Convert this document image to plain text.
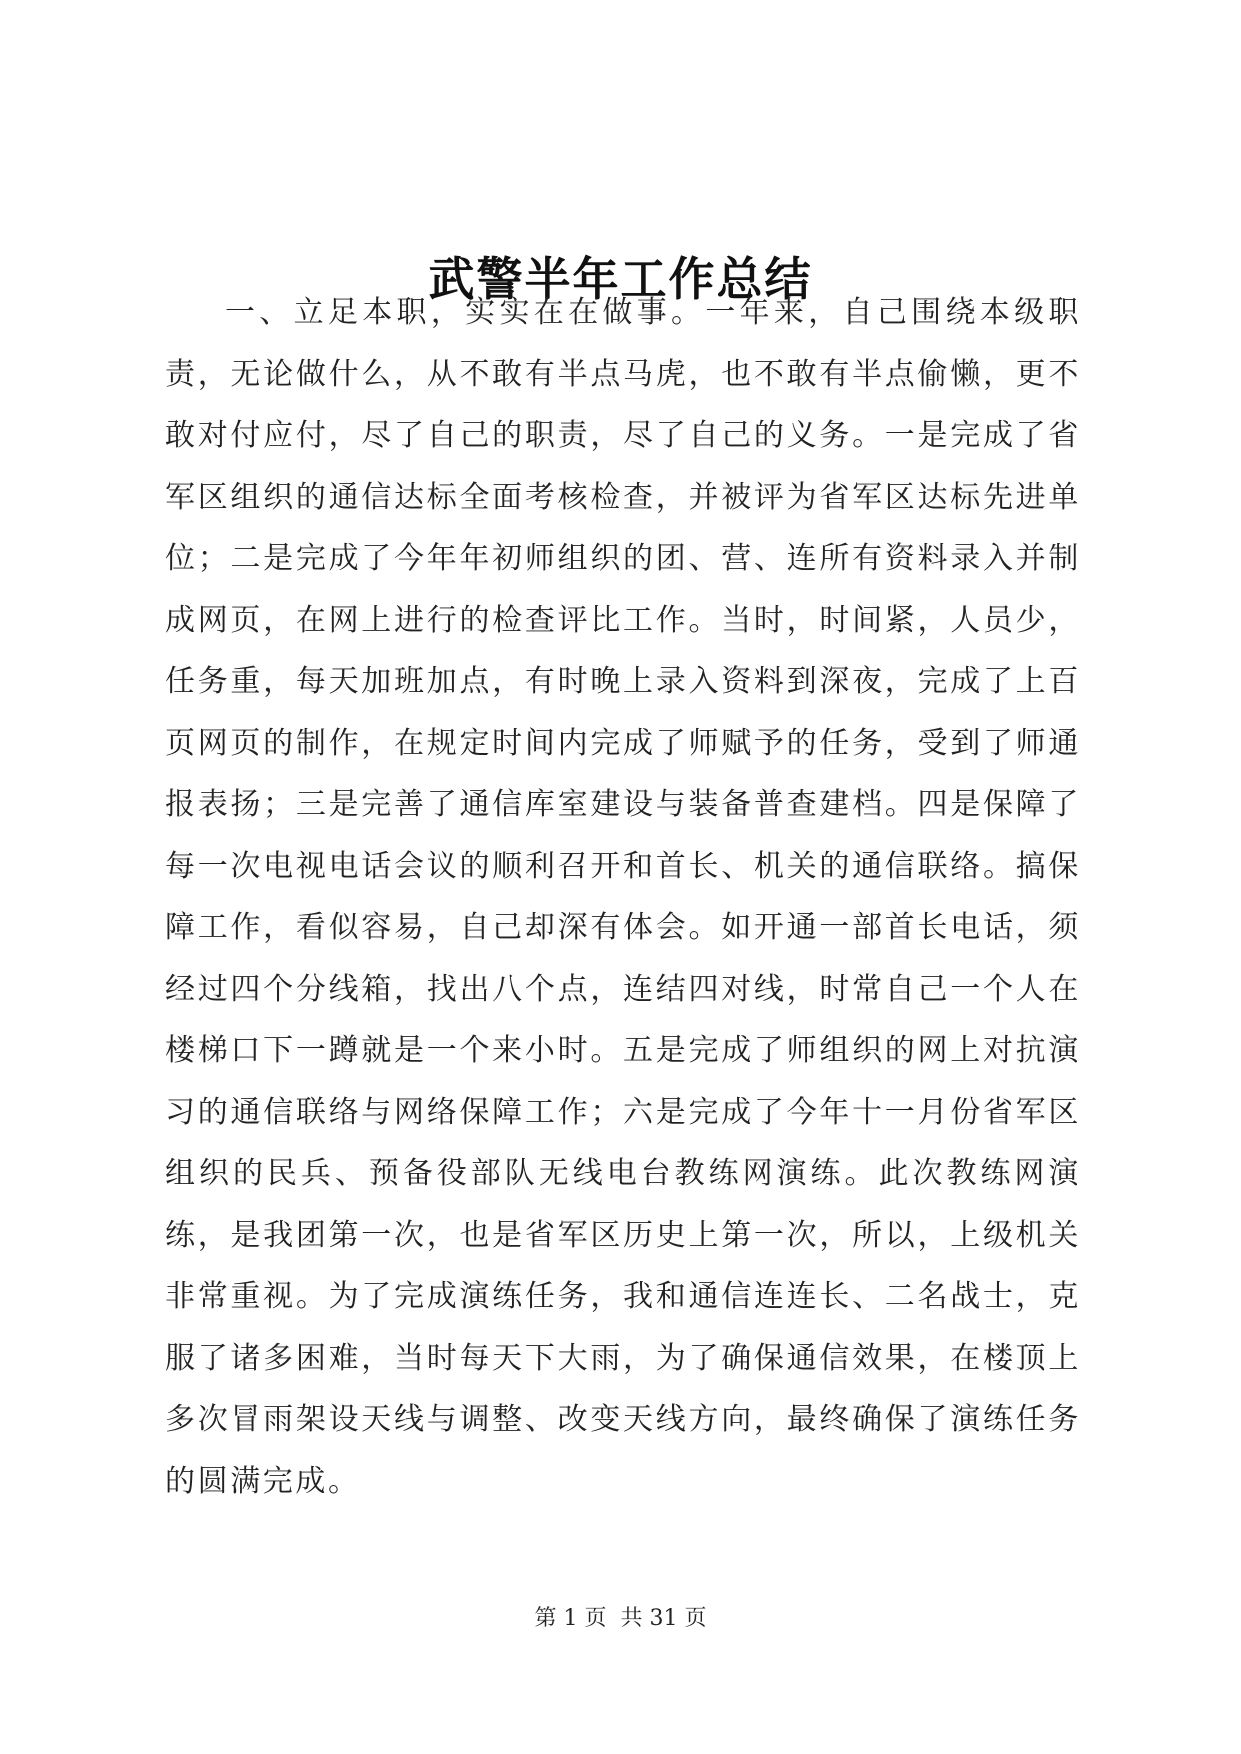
武警半年工作总结

一、立足本职，实实在在做事。一年来，自己围绕本级职责，无论做什么，从不敢有半点马虎，也不敢有半点偷懒，更不敢对付应付，尽了自己的职责，尽了自己的义务。一是完成了省军区组织的通信达标全面考核检查，并被评为省军区达标先进单位；二是完成了今年年初师组织的团、营、连所有资料录入并制成网页，在网上进行的检查评比工作。当时，时间紧，人员少，任务重，每天加班加点，有时晚上录入资料到深夜，完成了上百页网页的制作，在规定时间内完成了师赋予的任务，受到了师通报表扬；三是完善了通信库室建设与装备普查建档。四是保障了每一次电视电话会议的顺利召开和首长、机关的通信联络。搞保障工作，看似容易，自己却深有体会。如开通一部首长电话，须经过四个分线箱，找出八个点，连结四对线，时常自己一个人在楼梯口下一蹲就是一个来小时。五是完成了师组织的网上对抗演习的通信联络与网络保障工作；六是完成了今年十一月份省军区组织的民兵、预备役部队无线电台教练网演练。此次教练网演练，是我团第一次，也是省军区历史上第一次，所以，上级机关非常重视。为了完成演练任务，我和通信连连长、二名战士，克服了诸多困难，当时每天下大雨，为了确保通信效果，在楼顶上多次冒雨架设天线与调整、改变天线方向，最终确保了演练任务的圆满完成。

第 1 页  共 31 页
